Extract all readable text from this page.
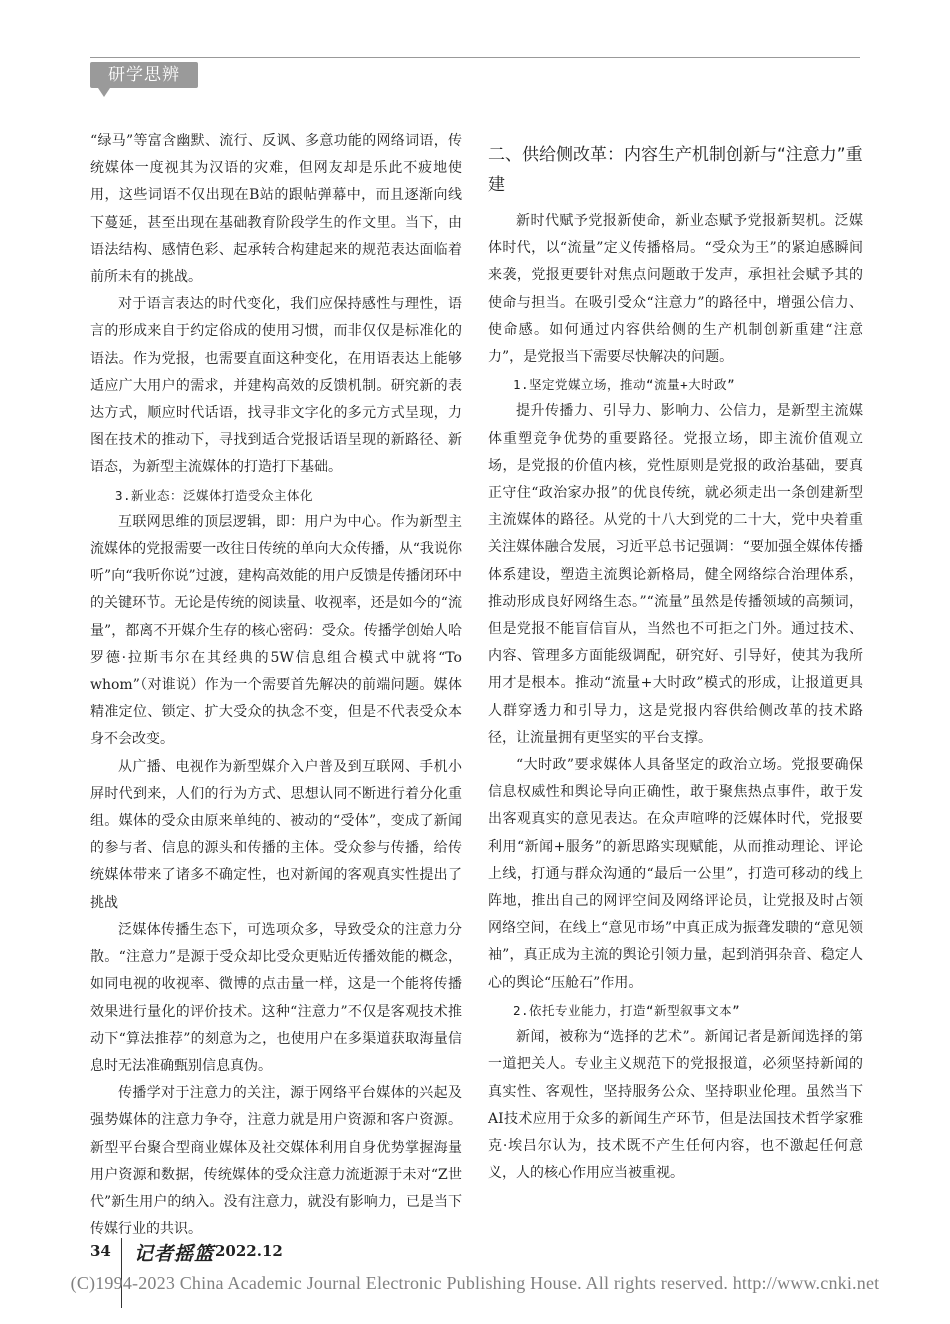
研学思辨

“绿马”等富含幽默、流行、反讽、多意功能的网络词语，传统媒体一度视其为汉语的灾难，但网友却是乐此不疲地使用，这些词语不仅出现在B站的跟帖弹幕中，而且逐渐向线下蔓延，甚至出现在基础教育阶段学生的作文里。当下，由语法结构、感情色彩、起承转合构建起来的规范表达面临着前所未有的挑战。

对于语言表达的时代变化，我们应保持感性与理性，语言的形成来自于约定俗成的使用习惯，而非仅仅是标准化的语法。作为党报，也需要直面这种变化，在用语表达上能够适应广大用户的需求，并建构高效的反馈机制。研究新的表达方式，顺应时代话语，找寻非文字化的多元方式呈现，力图在技术的推动下，寻找到适合党报话语呈现的新路径、新语态，为新型主流媒体的打造打下基础。

3.新业态：泛媒体打造受众主体化

互联网思维的顶层逻辑，即：用户为中心。作为新型主流媒体的党报需要一改往日传统的单向大众传播，从“我说你听”向“我听你说”过渡，建构高效能的用户反馈是传播闭环中的关键环节。无论是传统的阅读量、收视率，还是如今的“流量”，都离不开媒介生存的核心密码：受众。传播学创始人哈罗德·拉斯韦尔在其经典的5W信息组合模式中就将“To whom”（对谁说）作为一个需要首先解决的前端问题。媒体精准定位、锁定、扩大受众的执念不变，但是不代表受众本身不会改变。

从广播、电视作为新型媒介入户普及到互联网、手机小屏时代到来，人们的行为方式、思想认同不断进行着分化重组。媒体的受众由原来单纯的、被动的“受体”，变成了新闻的参与者、信息的源头和传播的主体。受众参与传播，给传统媒体带来了诸多不确定性，也对新闻的客观真实性提出了挑战

泛媒体传播生态下，可选项众多，导致受众的注意力分散。“注意力”是源于受众却比受众更贴近传播效能的概念，如同电视的收视率、微博的点击量一样，这是一个能将传播效果进行量化的评价技术。这种“注意力”不仅是客观技术推动下“算法推荐”的刻意为之，也使用户在多渠道获取海量信息时无法准确甄别信息真伪。

传播学对于注意力的关注，源于网络平台媒体的兴起及强势媒体的注意力争夺，注意力就是用户资源和客户资源。新型平台聚合型商业媒体及社交媒体利用自身优势掌握海量用户资源和数据，传统媒体的受众注意力流逝源于未对“Z世代”新生用户的纳入。没有注意力，就没有影响力，已是当下传媒行业的共识。

二、供给侧改革：内容生产机制创新与“注意力”重建

新时代赋予党报新使命，新业态赋予党报新契机。泛媒体时代，以“流量”定义传播格局。“受众为王”的紧迫感瞬间来袭，党报更要针对焦点问题敢于发声，承担社会赋予其的使命与担当。在吸引受众“注意力”的路径中，增强公信力、使命感。如何通过内容供给侧的生产机制创新重建“注意力”，是党报当下需要尽快解决的问题。

1.坚定党媒立场，推动“流量+大时政”

提升传播力、引导力、影响力、公信力，是新型主流媒体重塑竞争优势的重要路径。党报立场，即主流价值观立场，是党报的价值内核，党性原则是党报的政治基础，要真正守住“政治家办报”的优良传统，就必须走出一条创建新型主流媒体的路径。从党的十八大到党的二十大，党中央着重关注媒体融合发展，习近平总书记强调：“要加强全媒体传播体系建设，塑造主流舆论新格局，健全网络综合治理体系，推动形成良好网络生态。”“流量”虽然是传播领域的高频词，但是党报不能盲信盲从，当然也不可拒之门外。通过技术、内容、管理多方面能级调配，研究好、引导好，使其为我所用才是根本。推动“流量+大时政”模式的形成，让报道更具人群穿透力和引导力，这是党报内容供给侧改革的技术路径，让流量拥有更坚实的平台支撑。

“大时政”要求媒体人具备坚定的政治立场。党报要确保信息权威性和舆论导向正确性，敢于聚焦热点事件，敢于发出客观真实的意见表达。在众声喧哗的泛媒体时代，党报要利用“新闻+服务”的新思路实现赋能，从而推动理论、评论上线，打通与群众沟通的“最后一公里”，打造可移动的线上阵地，推出自己的网评空间及网络评论员，让党报及时占领网络空间，在线上“意见市场”中真正成为振聋发聩的“意见领袖”，真正成为主流的舆论引领力量，起到消弭杂音、稳定人心的舆论“压舱石”作用。

2.依托专业能力，打造“新型叙事文本”

新闻，被称为“选择的艺术”。新闻记者是新闻选择的第一道把关人。专业主义规范下的党报报道，必须坚持新闻的真实性、客观性，坚持服务公众、坚持职业伦理。虽然当下AI技术应用于众多的新闻生产环节，但是法国技术哲学家雅克·埃吕尔认为，技术既不产生任何内容，也不激起任何意义，人的核心作用应当被重视。

34 记者摇篮 2022.12
(C)1994-2023 China Academic Journal Electronic Publishing House. All rights reserved. http://www.cnki.net
